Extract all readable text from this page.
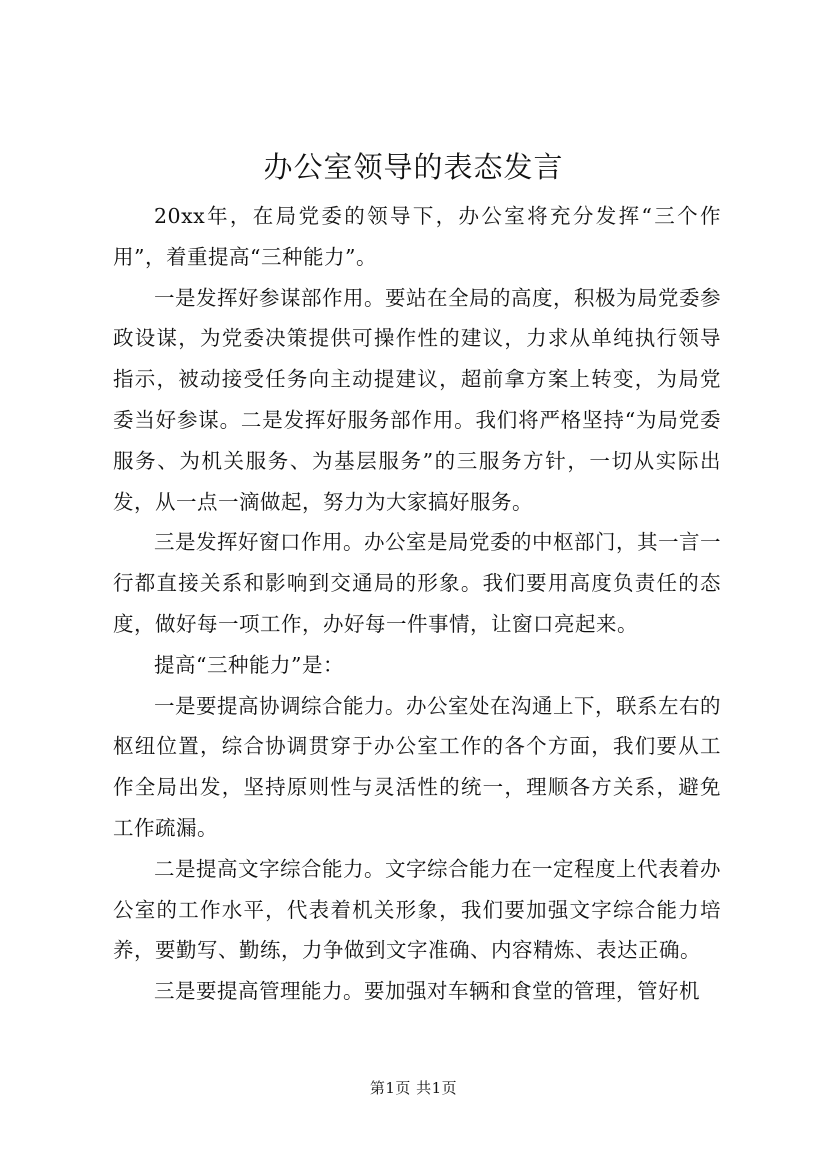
办公室领导的表态发言

20xx年，在局党委的领导下，办公室将充分发挥“三个作用”，着重提高“三种能力”。

一是发挥好参谋部作用。要站在全局的高度，积极为局党委参政设谋，为党委决策提供可操作性的建议，力求从单纯执行领导指示，被动接受任务向主动提建议，超前拿方案上转变，为局党委当好参谋。二是发挥好服务部作用。我们将严格坚持“为局党委服务、为机关服务、为基层服务”的三服务方针，一切从实际出发，从一点一滴做起，努力为大家搞好服务。

三是发挥好窗口作用。办公室是局党委的中枢部门，其一言一行都直接关系和影响到交通局的形象。我们要用高度负责任的态度，做好每一项工作，办好每一件事情，让窗口亮起来。

提高“三种能力”是：

一是要提高协调综合能力。办公室处在沟通上下，联系左右的枢纽位置，综合协调贯穿于办公室工作的各个方面，我们要从工作全局出发，坚持原则性与灵活性的统一，理顺各方关系，避免工作疏漏。

二是提高文字综合能力。文字综合能力在一定程度上代表着办公室的工作水平，代表着机关形象，我们要加强文字综合能力培养，要勤写、勤练，力争做到文字准确、内容精炼、表达正确。

三是要提高管理能力。要加强对车辆和食堂的管理，管好机

第1页 共1页
